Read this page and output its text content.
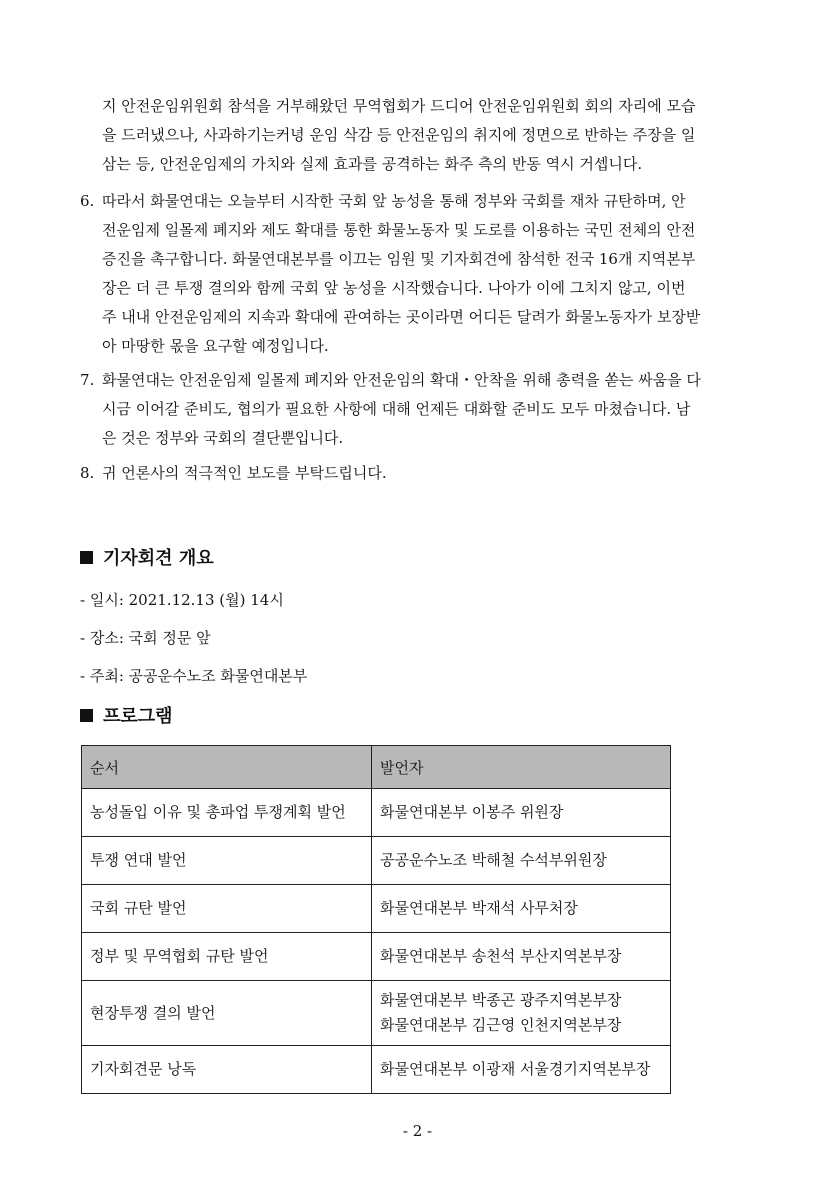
지 안전운임위원회 참석을 거부해왔던 무역협회가 드디어 안전운임위원회 회의 자리에 모습
을 드러냈으나, 사과하기는커녕 운임 삭감 등 안전운임의 취지에 정면으로 반하는 주장을 일
삼는 등, 안전운임제의 가치와 실제 효과를 공격하는 화주 측의 반동 역시 거셉니다.
6. 따라서 화물연대는 오늘부터 시작한 국회 앞 농성을 통해 정부와 국회를 재차 규탄하며, 안
전운임제 일몰제 폐지와 제도 확대를 통한 화물노동자 및 도로를 이용하는 국민 전체의 안전
증진을 촉구합니다. 화물연대본부를 이끄는 임원 및 기자회견에 참석한 전국 16개 지역본부
장은 더 큰 투쟁 결의와 함께 국회 앞 농성을 시작했습니다. 나아가 이에 그치지 않고, 이번
주 내내 안전운임제의 지속과 확대에 관여하는 곳이라면 어디든 달려가 화물노동자가 보장받
아 마땅한 몫을 요구할 예정입니다.
7. 화물연대는 안전운임제 일몰제 폐지와 안전운임의 확대・안착을 위해 총력을 쏟는 싸움을 다
시금 이어갈 준비도, 협의가 필요한 사항에 대해 언제든 대화할 준비도 모두 마쳤습니다. 남
은 것은 정부와 국회의 결단뿐입니다.
8. 귀 언론사의 적극적인 보도를 부탁드립니다.
기자회견 개요
- 일시: 2021.12.13 (월) 14시
- 장소: 국회 정문 앞
- 주최: 공공운수노조 화물연대본부
프로그램
순서	발언자
농성돌입 이유 및 총파업 투쟁계획 발언	화물연대본부 이봉주 위원장
투쟁 연대 발언	공공운수노조 박해철 수석부위원장
국회 규탄 발언	화물연대본부 박재석 사무처장
정부 및 무역협회 규탄 발언	화물연대본부 송천석 부산지역본부장
현장투쟁 결의 발언	화물연대본부 박종곤 광주지역본부장
화물연대본부 김근영 인천지역본부장

기자회견문 낭독	화물연대본부 이광재 서울경기지역본부장
- 2 -
